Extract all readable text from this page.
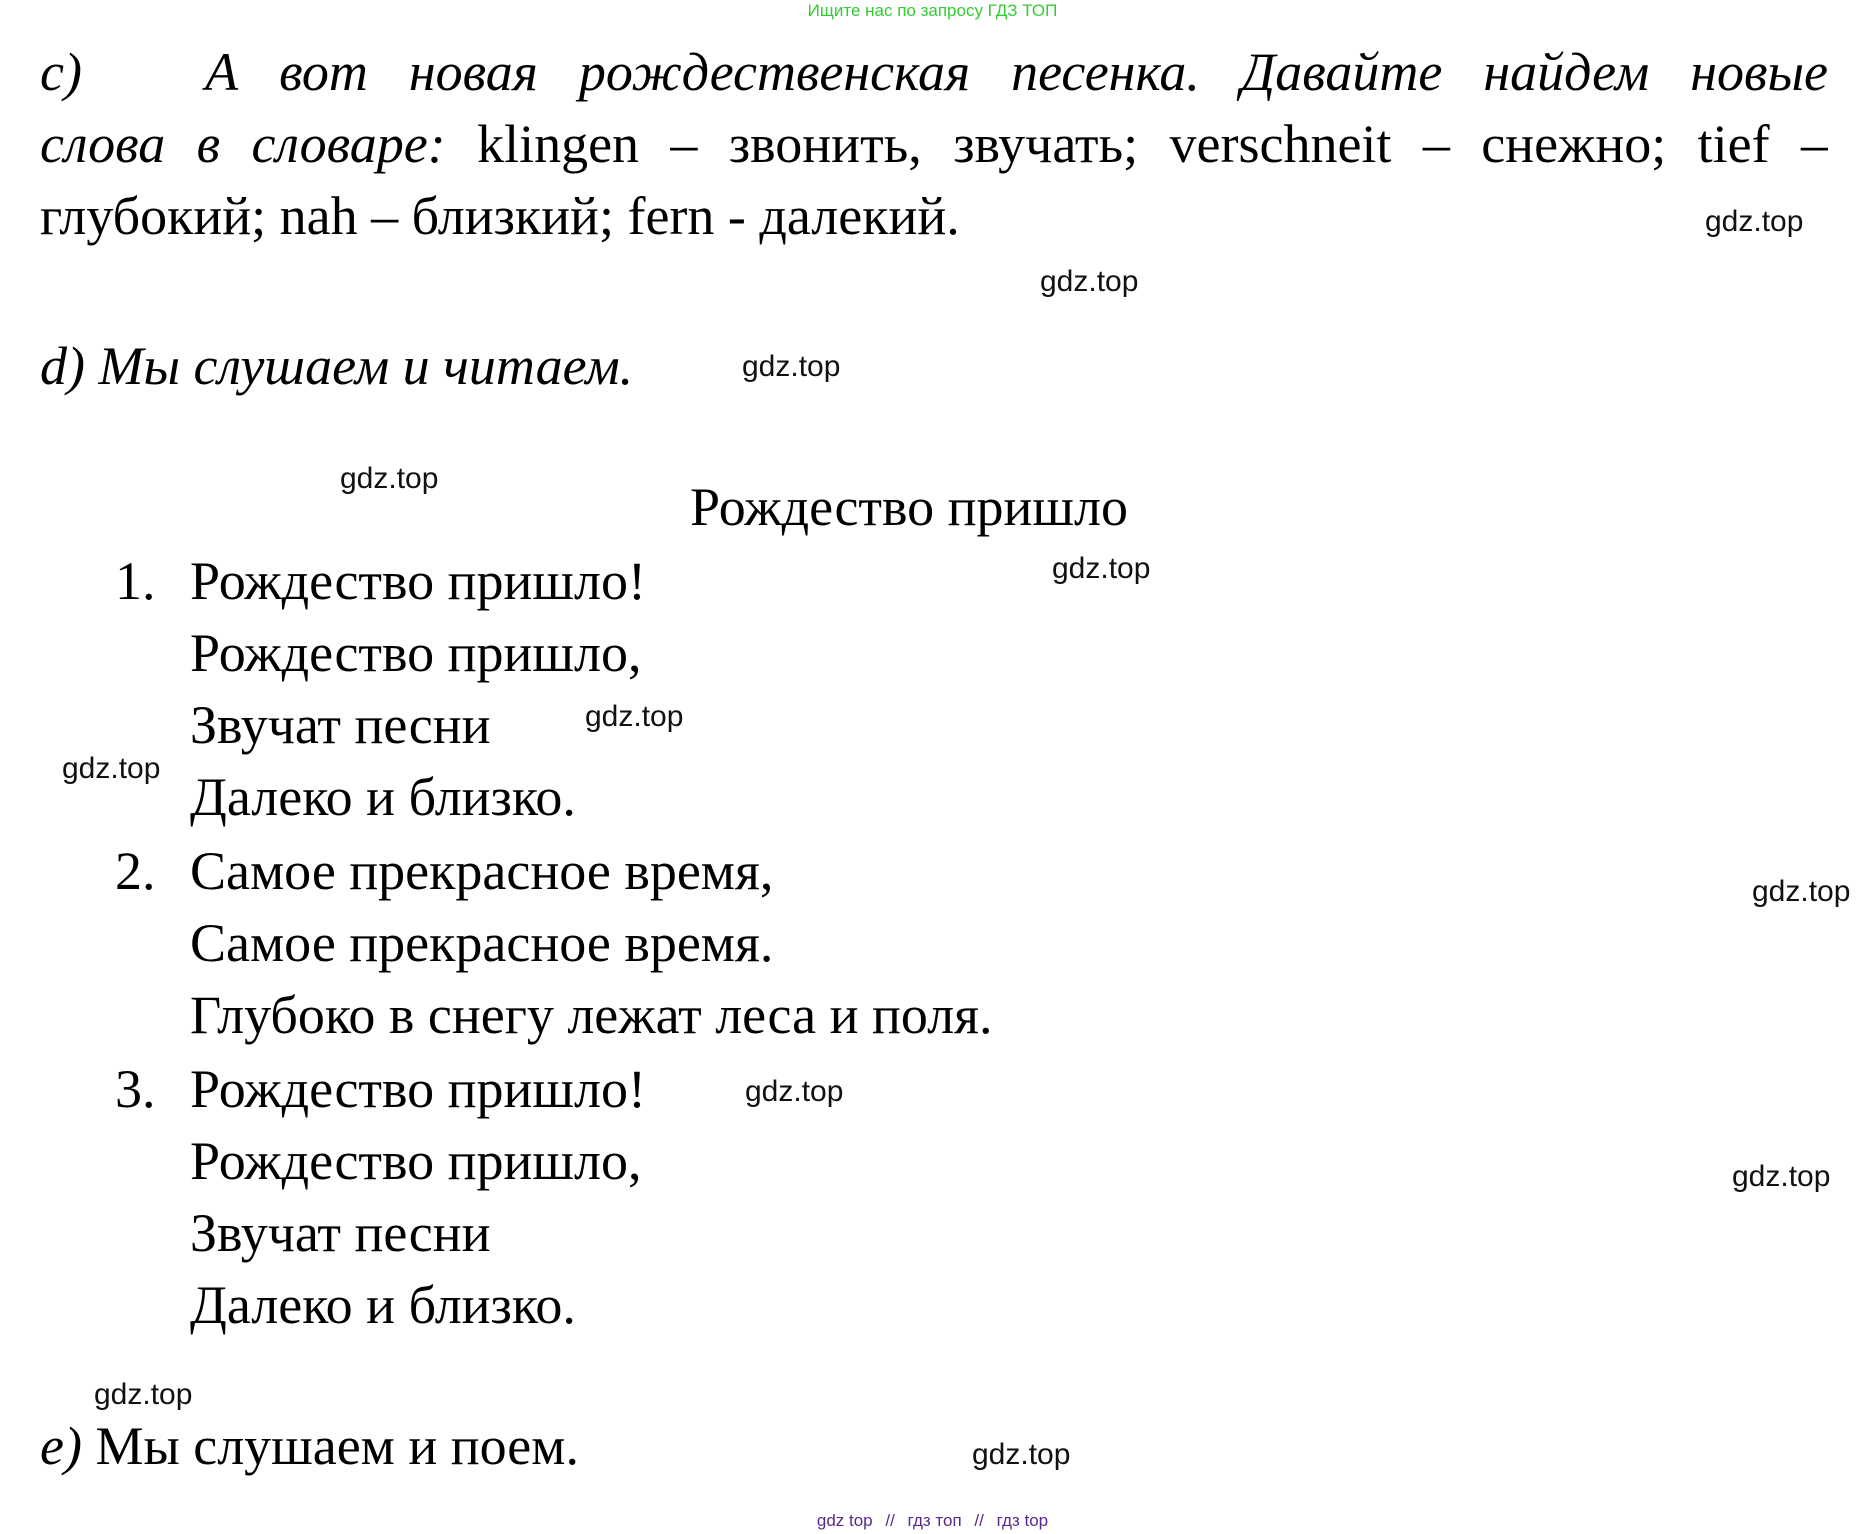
Ищите нас по запросу ГДЗ ТОП
c) А вот новая рождественская песенка. Давайте найдем новые
слова в словаре: klingen – звонить, звучать; verschneit – снежно; tief –
глубокий; nah – близкий; fern - далекий.
d) Мы слушаем и читаем.
Рождество пришло
1. Рождество пришло!
Рождество пришло,
Звучат песни
Далеко и близко.
2. Самое прекрасное время,
Самое прекрасное время.
Глубоко в снегу лежат леса и поля.
3. Рождество пришло!
Рождество пришло,
Звучат песни
Далеко и близко.
e) Мы слушаем и поем.
gdz.top
gdz.top
gdz.top
gdz.top
gdz.top
gdz.top
gdz.top
gdz.top
gdz.top
gdz.top
gdz.top
gdz.top
gdz top // гдз топ // гдз top
